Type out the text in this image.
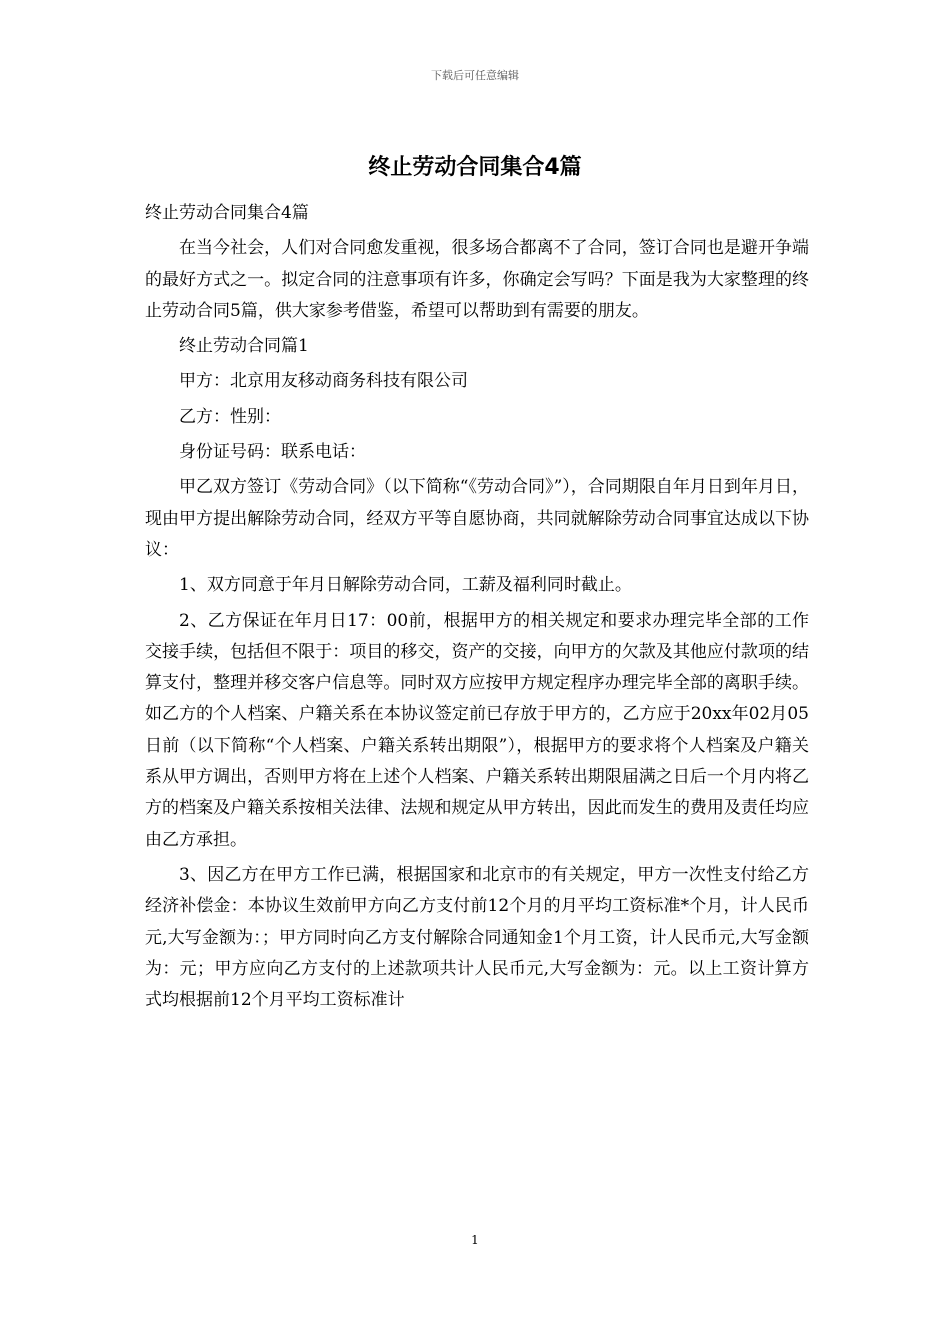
下载后可任意编辑
终止劳动合同集合4篇

终止劳动合同集合4篇

在当今社会，人们对合同愈发重视，很多场合都离不了合同，签订合同也是避开争端的最好方式之一。拟定合同的注意事项有许多，你确定会写吗？下面是我为大家整理的终止劳动合同5篇，供大家参考借鉴，希望可以帮助到有需要的朋友。

终止劳动合同篇1

甲方：北京用友移动商务科技有限公司

乙方：性别：

身份证号码：联系电话：

甲乙双方签订《劳动合同》（以下简称“《劳动合同》”），合同期限自年月日到年月日，现由甲方提出解除劳动合同，经双方平等自愿协商，共同就解除劳动合同事宜达成以下协议：

1、双方同意于年月日解除劳动合同，工薪及福利同时截止。

2、乙方保证在年月日17：00前，根据甲方的相关规定和要求办理完毕全部的工作交接手续，包括但不限于：项目的移交，资产的交接，向甲方的欠款及其他应付款项的结算支付，整理并移交客户信息等。同时双方应按甲方规定程序办理完毕全部的离职手续。如乙方的个人档案、户籍关系在本协议签定前已存放于甲方的，乙方应于20xx年02月05日前（以下简称“个人档案、户籍关系转出期限”），根据甲方的要求将个人档案及户籍关系从甲方调出，否则甲方将在上述个人档案、户籍关系转出期限届满之日后一个月内将乙方的档案及户籍关系按相关法律、法规和规定从甲方转出，因此而发生的费用及责任均应由乙方承担。

3、因乙方在甲方工作已满，根据国家和北京市的有关规定，甲方一次性支付给乙方经济补偿金：本协议生效前甲方向乙方支付前12个月的月平均工资标准*个月，计人民币元,大写金额为：；甲方同时向乙方支付解除合同通知金1个月工资，计人民币元,大写金额为：元；甲方应向乙方支付的上述款项共计人民币元,大写金额为：元。以上工资计算方式均根据前12个月平均工资标准计

1
